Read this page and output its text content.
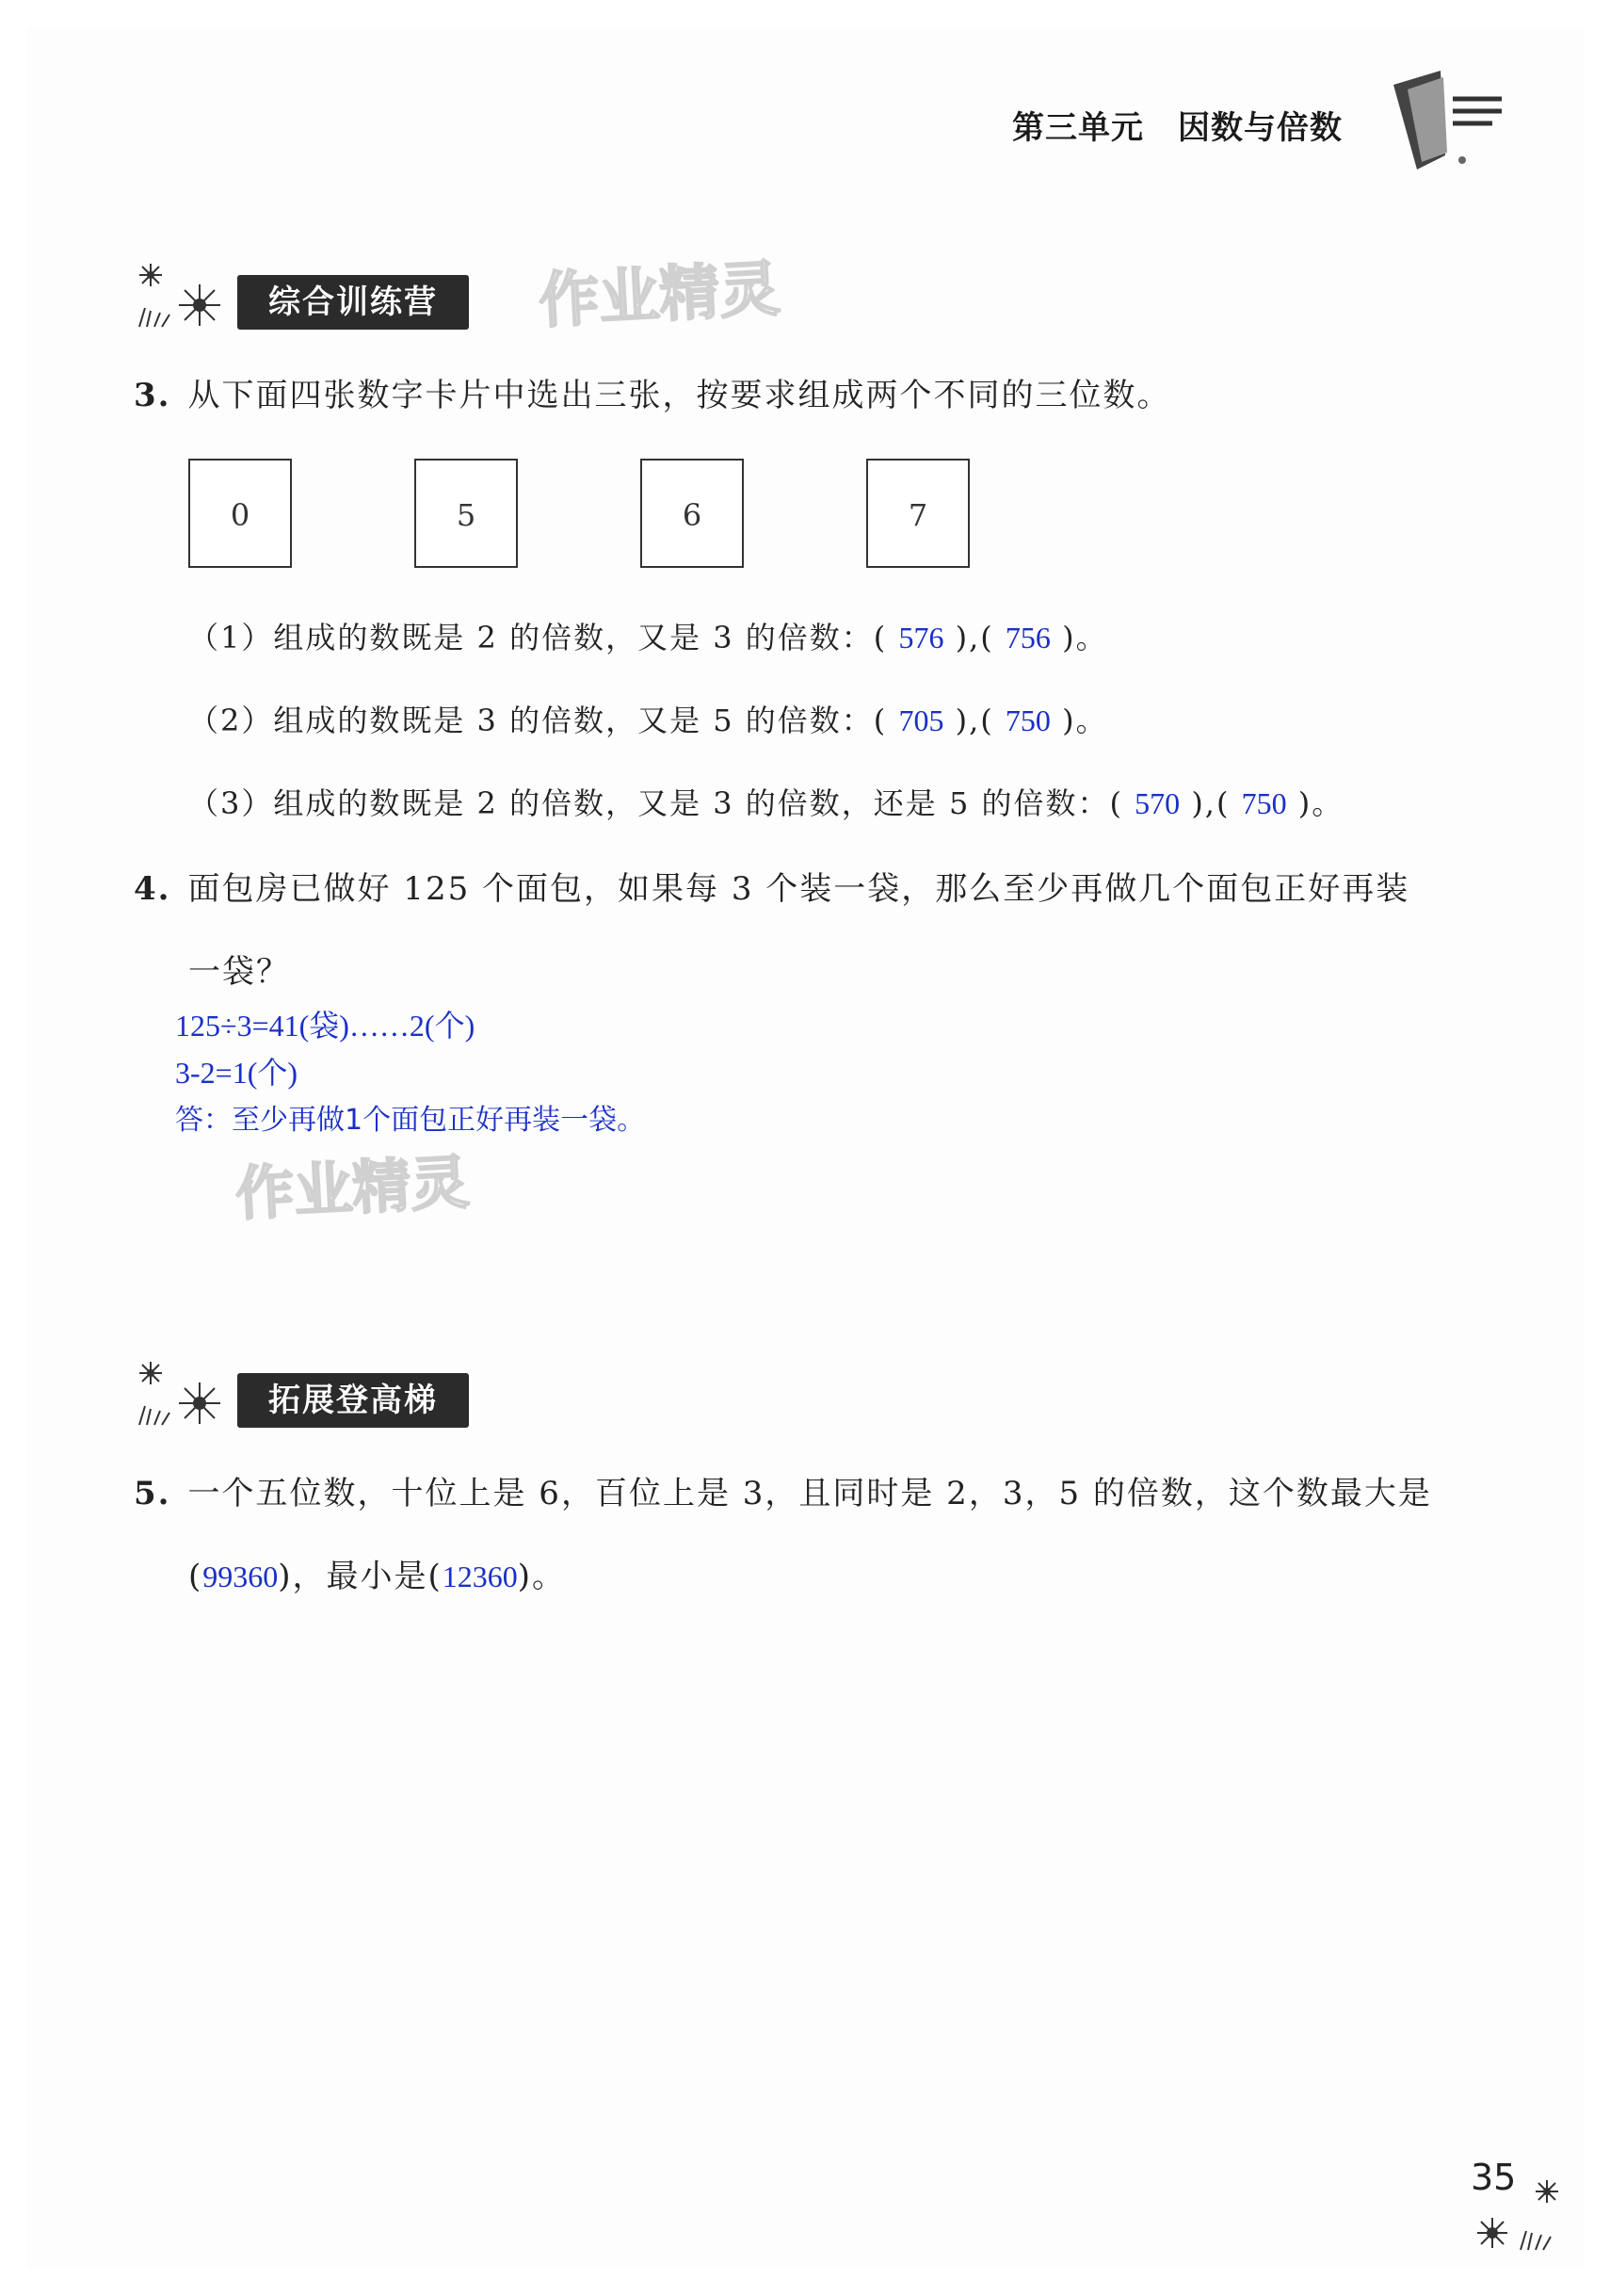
第三单元 因数与倍数
综合训练营	作业精灵
3. 从下面四张数字卡片中选出三张，按要求组成两个不同的三位数。
0	5	6	7
（1）组成的数既是 2 的倍数，又是 3 的倍数：( 576 ),( 756 )。
（2）组成的数既是 3 的倍数，又是 5 的倍数：( 705 ),( 750 )。
（3）组成的数既是 2 的倍数，又是 3 的倍数，还是 5 的倍数：( 570 ),( 750 )。
4. 面包房已做好 125 个面包，如果每 3 个装一袋，那么至少再做几个面包正好再装
一袋？
125÷3=41(袋)……2(个)
3-2=1(个)
答：至少再做1个面包正好再装一袋。
作业精灵
拓展登高梯
5. 一个五位数，十位上是 6，百位上是 3，且同时是 2，3，5 的倍数，这个数最大是
(99360)，最小是(12360)。
35
